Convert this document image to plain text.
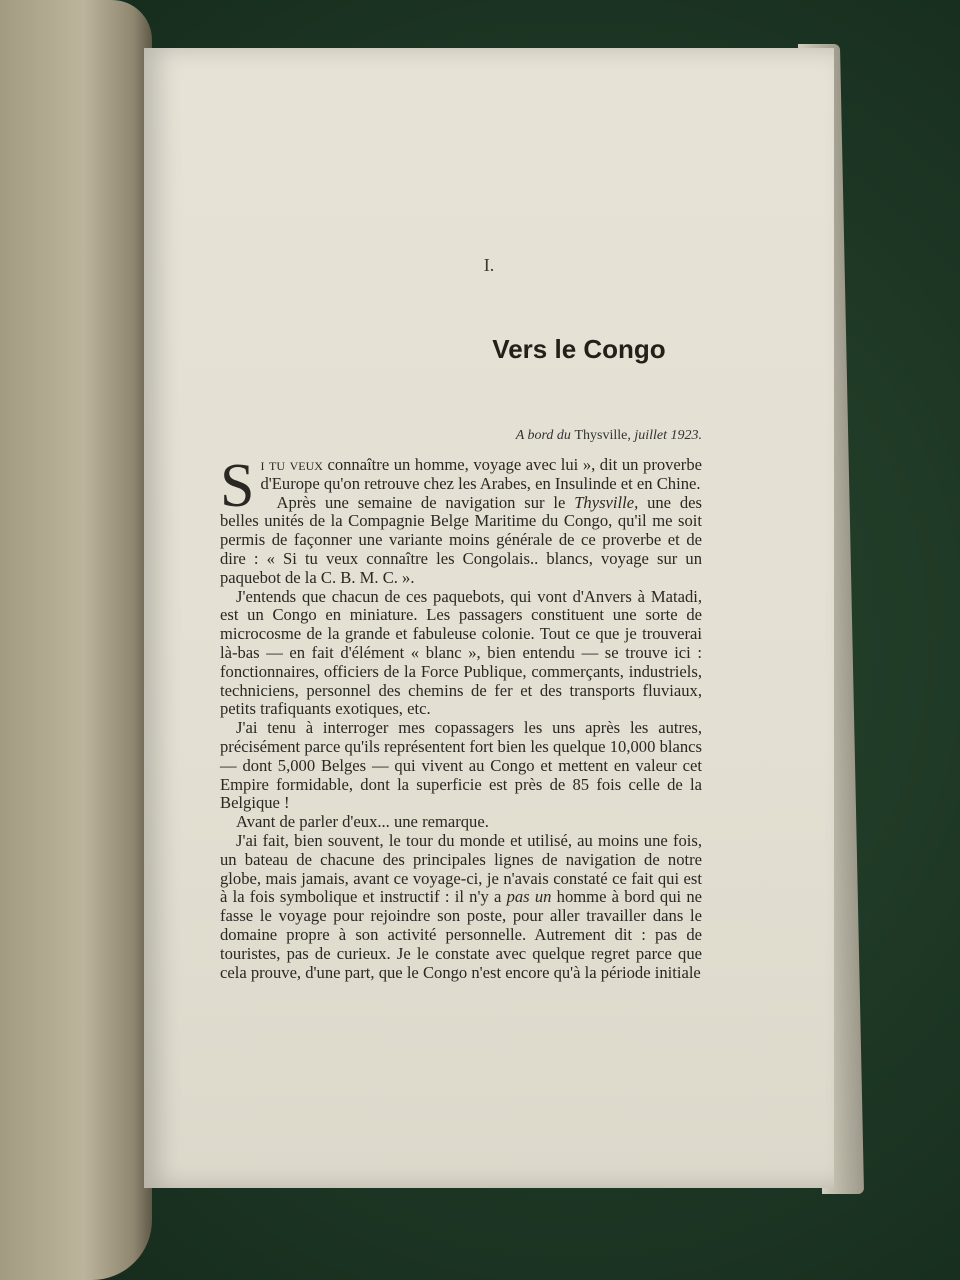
I.
Vers le Congo
A bord du Thysville, juillet 1923.

Si tu veux connaître un homme, voyage avec lui », dit un proverbe d'Europe qu'on retrouve chez les Arabes, en Insulinde et en Chine.

Après une semaine de navigation sur le Thysville, une des belles unités de la Compagnie Belge Maritime du Congo, qu'il me soit permis de façonner une variante moins générale de ce proverbe et de dire : « Si tu veux connaître les Congolais.. blancs, voyage sur un paquebot de la C. B. M. C. ».

J'entends que chacun de ces paquebots, qui vont d'Anvers à Matadi, est un Congo en miniature. Les passagers constituent une sorte de microcosme de la grande et fabuleuse colonie. Tout ce que je trouverai là-bas — en fait d'élément « blanc », bien entendu — se trouve ici : fonctionnaires, officiers de la Force Publique, commerçants, industriels, techniciens, personnel des chemins de fer et des transports fluviaux, petits trafiquants exotiques, etc.

J'ai tenu à interroger mes copassagers les uns après les autres, précisément parce qu'ils représentent fort bien les quelque 10,000 blancs — dont 5,000 Belges — qui vivent au Congo et mettent en valeur cet Empire formidable, dont la superficie est près de 85 fois celle de la Belgique !

Avant de parler d'eux... une remarque.

J'ai fait, bien souvent, le tour du monde et utilisé, au moins une fois, un bateau de chacune des principales lignes de navigation de notre globe, mais jamais, avant ce voyage-ci, je n'avais constaté ce fait qui est à la fois symbolique et instructif : il n'y a pas un homme à bord qui ne fasse le voyage pour rejoindre son poste, pour aller travailler dans le domaine propre à son activité personnelle. Autrement dit : pas de touristes, pas de curieux. Je le constate avec quelque regret parce que cela prouve, d'une part, que le Congo n'est encore qu'à la période initiale
